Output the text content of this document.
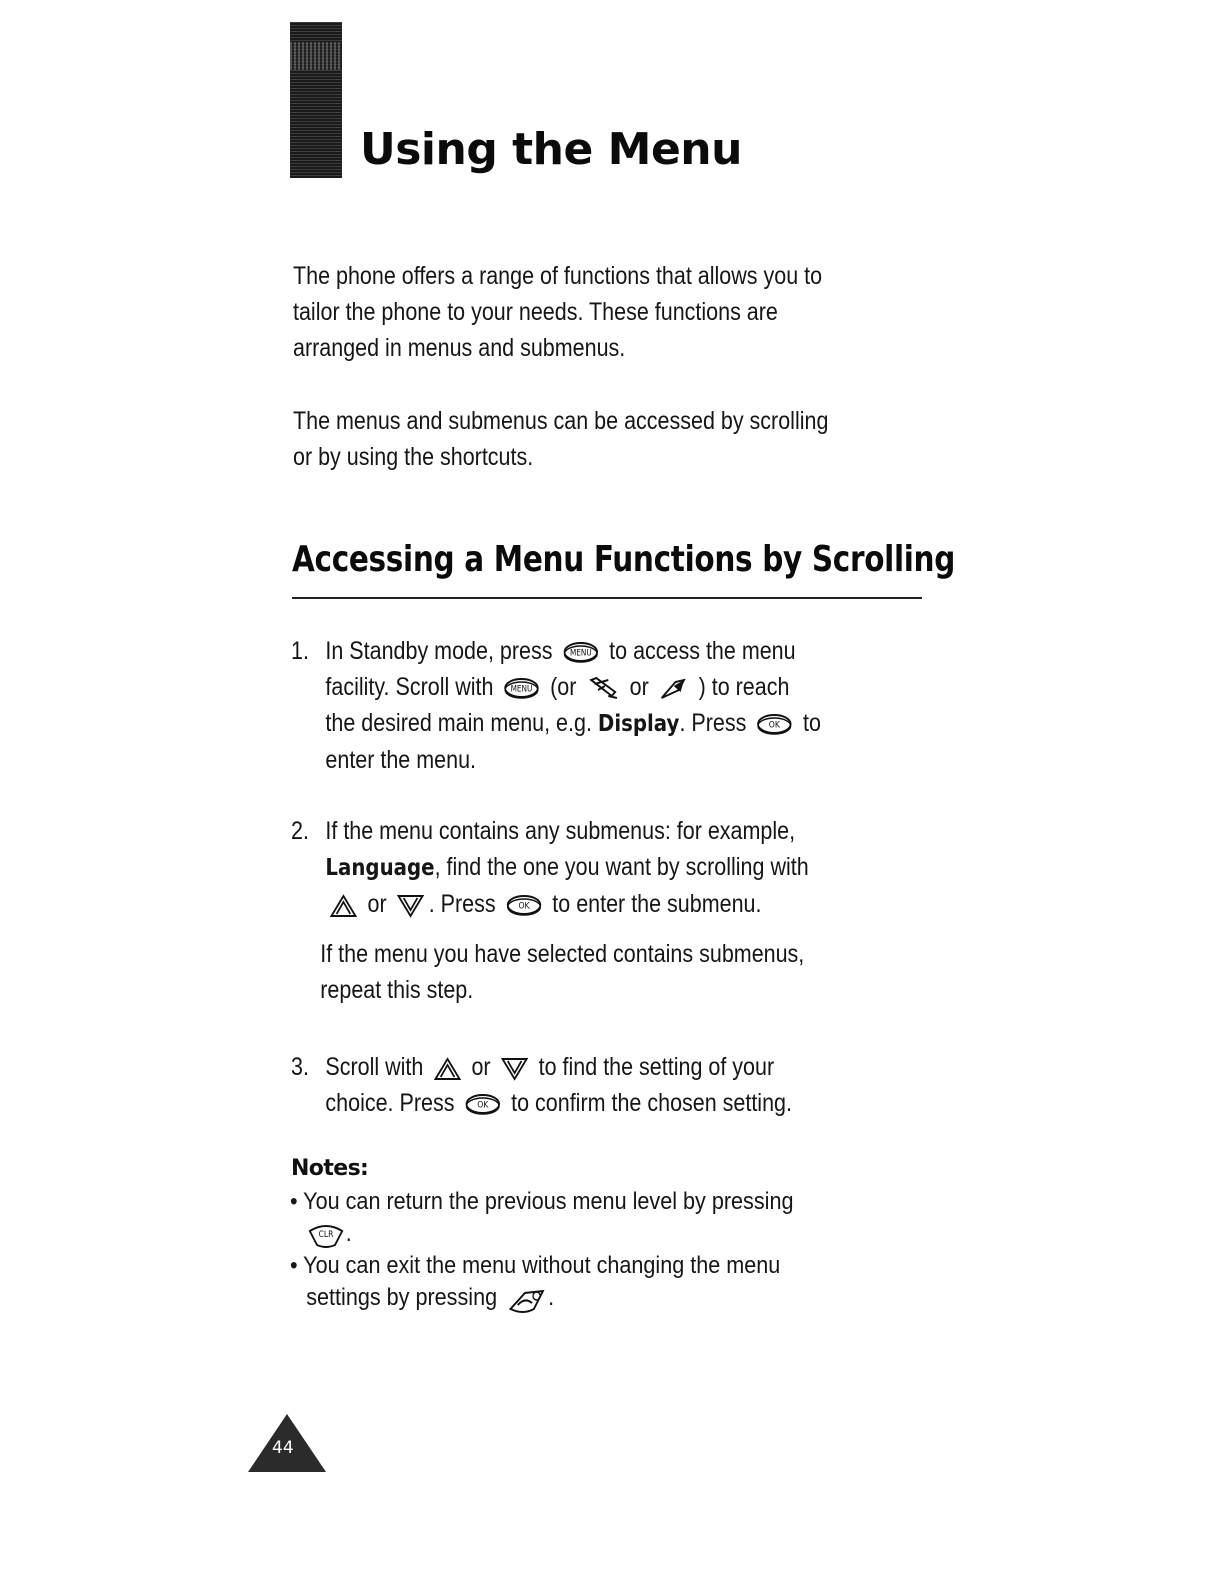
Using the Menu
The phone offers a range of functions that allows you to
tailor the phone to your needs. These functions are
arranged in menus and submenus.
The menus and submenus can be accessed by scrolling
or by using the shortcuts.
Accessing a Menu Functions by Scrolling
1. In Standby mode, press MENU to access the menu
facility. Scroll with MENU (or or ) to reach
the desired main menu, e.g. Display. Press	OK to
enter the menu.
2. If the menu contains any submenus: for example,
Language, find the one you want by scrolling with
or . Press	OK to enter the submenu.
If the menu you have selected contains submenus,
repeat this step.
3. Scroll with or to find the setting of your
choice. Press	OK to confirm the chosen setting.
Notes:
• You can return the previous menu level by pressing
CLR .
• You can exit the menu without changing the menu
settings by pressing .
44
